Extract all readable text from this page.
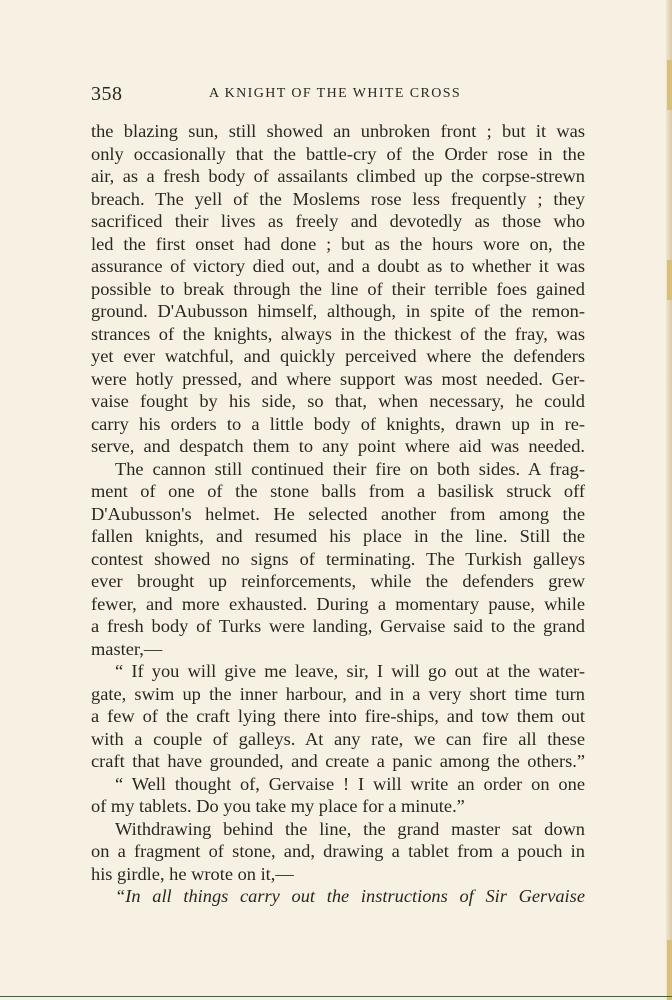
358	A KNIGHT OF THE WHITE CROSS
the blazing sun, still showed an unbroken front ; but it was
only occasionally that the battle-cry of the Order rose in the
air, as a fresh body of assailants climbed up the corpse-strewn
breach. The yell of the Moslems rose less frequently ; they
sacrificed their lives as freely and devotedly as those who
led the first onset had done ; but as the hours wore on, the
assurance of victory died out, and a doubt as to whether it was
possible to break through the line of their terrible foes gained
ground. D'Aubusson himself, although, in spite of the remon-
strances of the knights, always in the thickest of the fray, was
yet ever watchful, and quickly perceived where the defenders
were hotly pressed, and where support was most needed. Ger-
vaise fought by his side, so that, when necessary, he could
carry his orders to a little body of knights, drawn up in re-
serve, and despatch them to any point where aid was needed.
The cannon still continued their fire on both sides. A frag-
ment of one of the stone balls from a basilisk struck off
D'Aubusson's helmet. He selected another from among the
fallen knights, and resumed his place in the line. Still the
contest showed no signs of terminating. The Turkish galleys
ever brought up reinforcements, while the defenders grew
fewer, and more exhausted. During a momentary pause, while
a fresh body of Turks were landing, Gervaise said to the grand
master,—
“ If you will give me leave, sir, I will go out at the water-
gate, swim up the inner harbour, and in a very short time turn
a few of the craft lying there into fire-ships, and tow them out
with a couple of galleys. At any rate, we can fire all these
craft that have grounded, and create a panic among the others.”
“ Well thought of, Gervaise ! I will write an order on one
of my tablets. Do you take my place for a minute.”
Withdrawing behind the line, the grand master sat down
on a fragment of stone, and, drawing a tablet from a pouch in
his girdle, he wrote on it,—
“In all things carry out the instructions of Sir Gervaise
